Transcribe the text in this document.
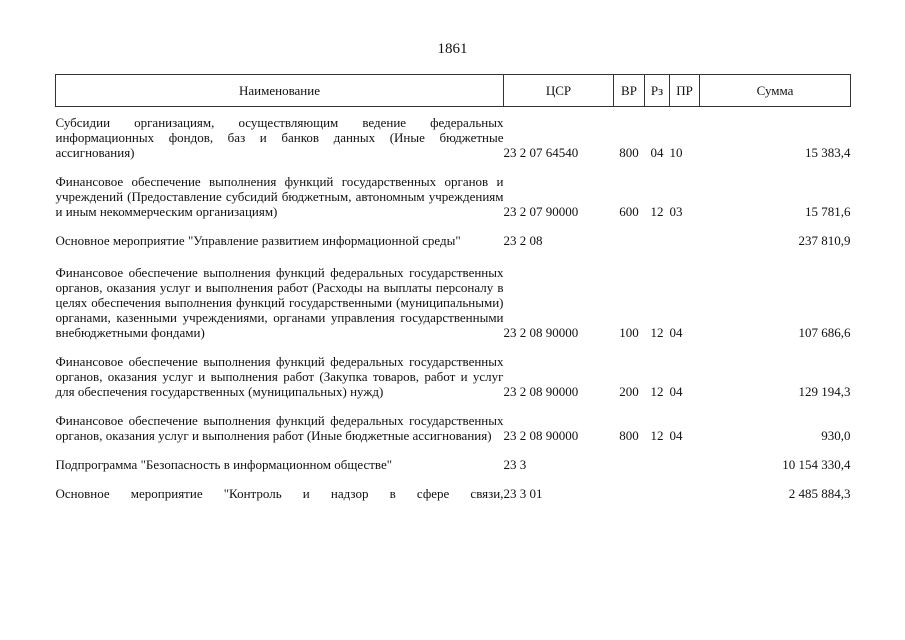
1861
Наименование	ЦСР	ВР	Рз	ПР	Сумма

Субсидии организациям, осуществляющим ведение федеральных информационных фондов, баз и банков данных (Иные бюджетные ассигнования)	23 2 07 64540	800	04	10	15 383,4

Финансовое обеспечение выполнения функций государственных органов и учреждений (Предоставление субсидий бюджетным, автономным учреждениям и иным некоммерческим организациям)	23 2 07 90000	600	12	03	15 781,6

Основное мероприятие "Управление развитием информационной среды"	23 2 08				237 810,9

Финансовое обеспечение выполнения функций федеральных государственных органов, оказания услуг и выполнения работ (Расходы на выплаты персоналу в целях обеспечения выполнения функций государственными (муниципальными) органами, казенными учреждениями, органами управления государственными внебюджетными фондами)	23 2 08 90000	100	12	04	107 686,6

Финансовое обеспечение выполнения функций федеральных государственных органов, оказания услуг и выполнения работ (Закупка товаров, работ и услуг для обеспечения государственных (муниципальных) нужд)	23 2 08 90000	200	12	04	129 194,3

Финансовое обеспечение выполнения функций федеральных государственных органов, оказания услуг и выполнения работ (Иные бюджетные ассигнования)	23 2 08 90000	800	12	04	930,0

Подпрограмма "Безопасность в информационном обществе"	23 3				10 154 330,4

Основное мероприятие "Контроль и надзор в сфере связи,	23 3 01				2 485 884,3
